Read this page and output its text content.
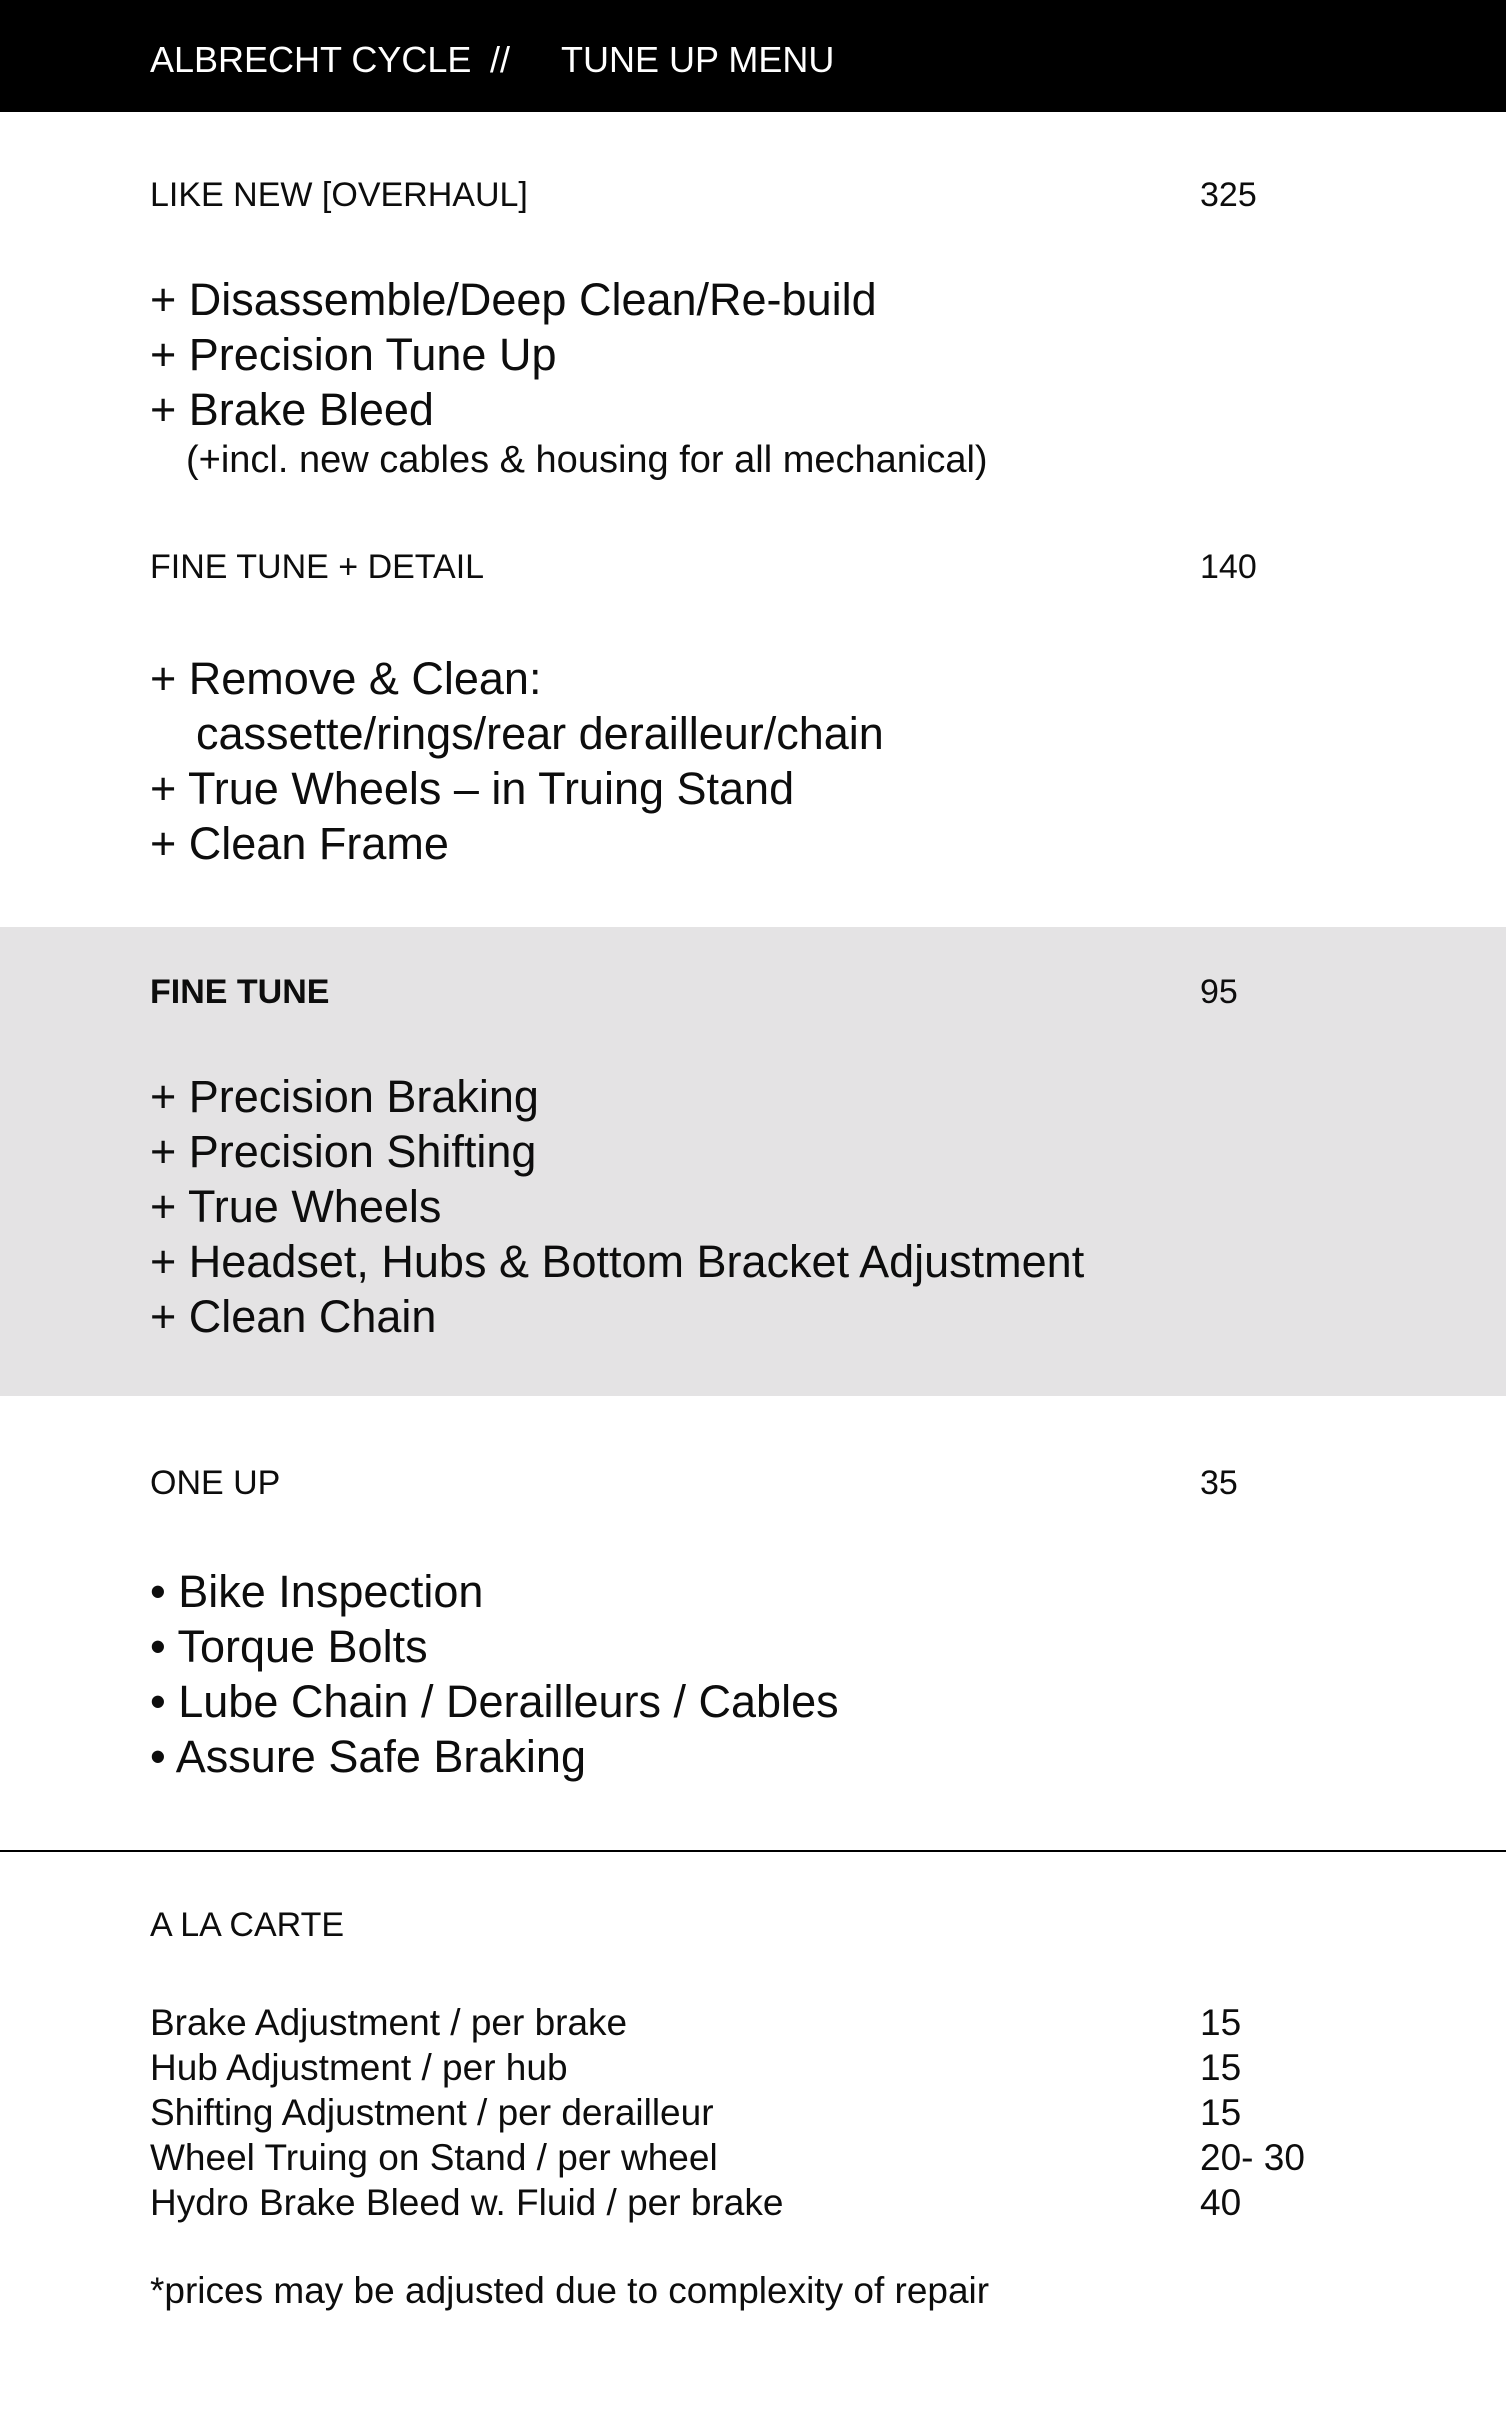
ALBRECHT CYCLE // TUNE UP MENU
LIKE NEW [OVERHAUL]	325
+ Disassemble/Deep Clean/Re-build
+ Precision Tune Up
+ Brake Bleed
(+incl. new cables & housing for all mechanical)
FINE TUNE + DETAIL	140
+ Remove & Clean:
cassette/rings/rear derailleur/chain
+ True Wheels – in Truing Stand
+ Clean Frame
FINE TUNE	95
+ Precision Braking
+ Precision Shifting
+ True Wheels
+ Headset, Hubs & Bottom Bracket Adjustment
+ Clean Chain
ONE UP	35
• Bike Inspection
• Torque Bolts
• Lube Chain / Derailleurs / Cables
• Assure Safe Braking
A LA CARTE
Brake Adjustment / per brake	15
Hub Adjustment / per hub	15
Shifting Adjustment / per derailleur	15
Wheel Truing on Stand / per wheel	20- 30
Hydro Brake Bleed w. Fluid / per brake	40
*prices may be adjusted due to complexity of repair
